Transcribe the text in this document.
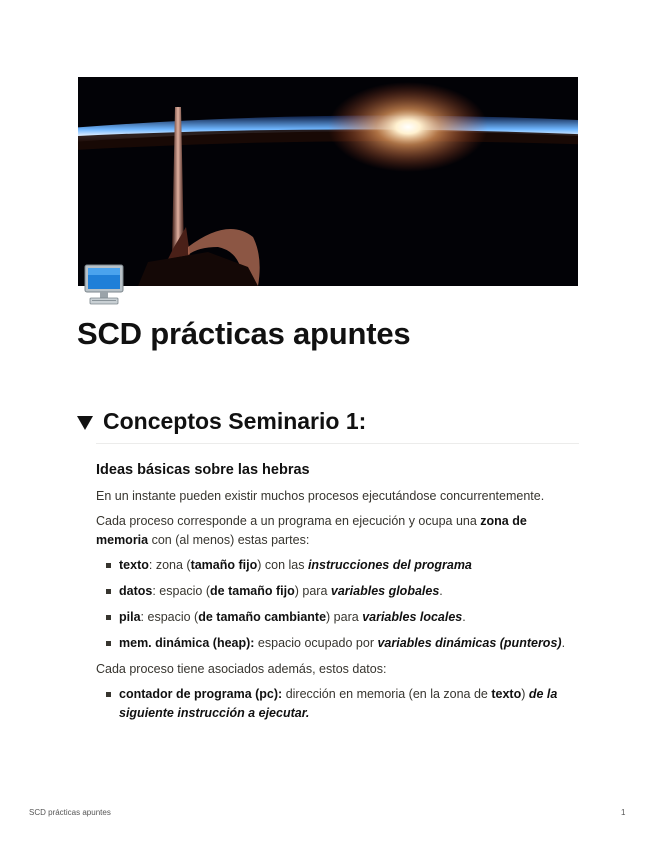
SCD prácticas apuntes
Conceptos Seminario 1:
Ideas básicas sobre las hebras

En un instante pueden existir muchos procesos ejecutándose concurrentemente.

Cada proceso corresponde a un programa en ejecución y ocupa una zona de memoria con (al menos) estas partes:

texto: zona (tamaño fijo) con las instrucciones del programa
datos: espacio (de tamaño fijo) para variables globales.
pila: espacio (de tamaño cambiante) para variables locales.
mem. dinámica (heap): espacio ocupado por variables dinámicas (punteros).

Cada proceso tiene asociados además, estos datos:

contador de programa (pc): dirección en memoria (en la zona de texto) de la siguiente instrucción a ejecutar.
SCD prácticas apuntes	1
